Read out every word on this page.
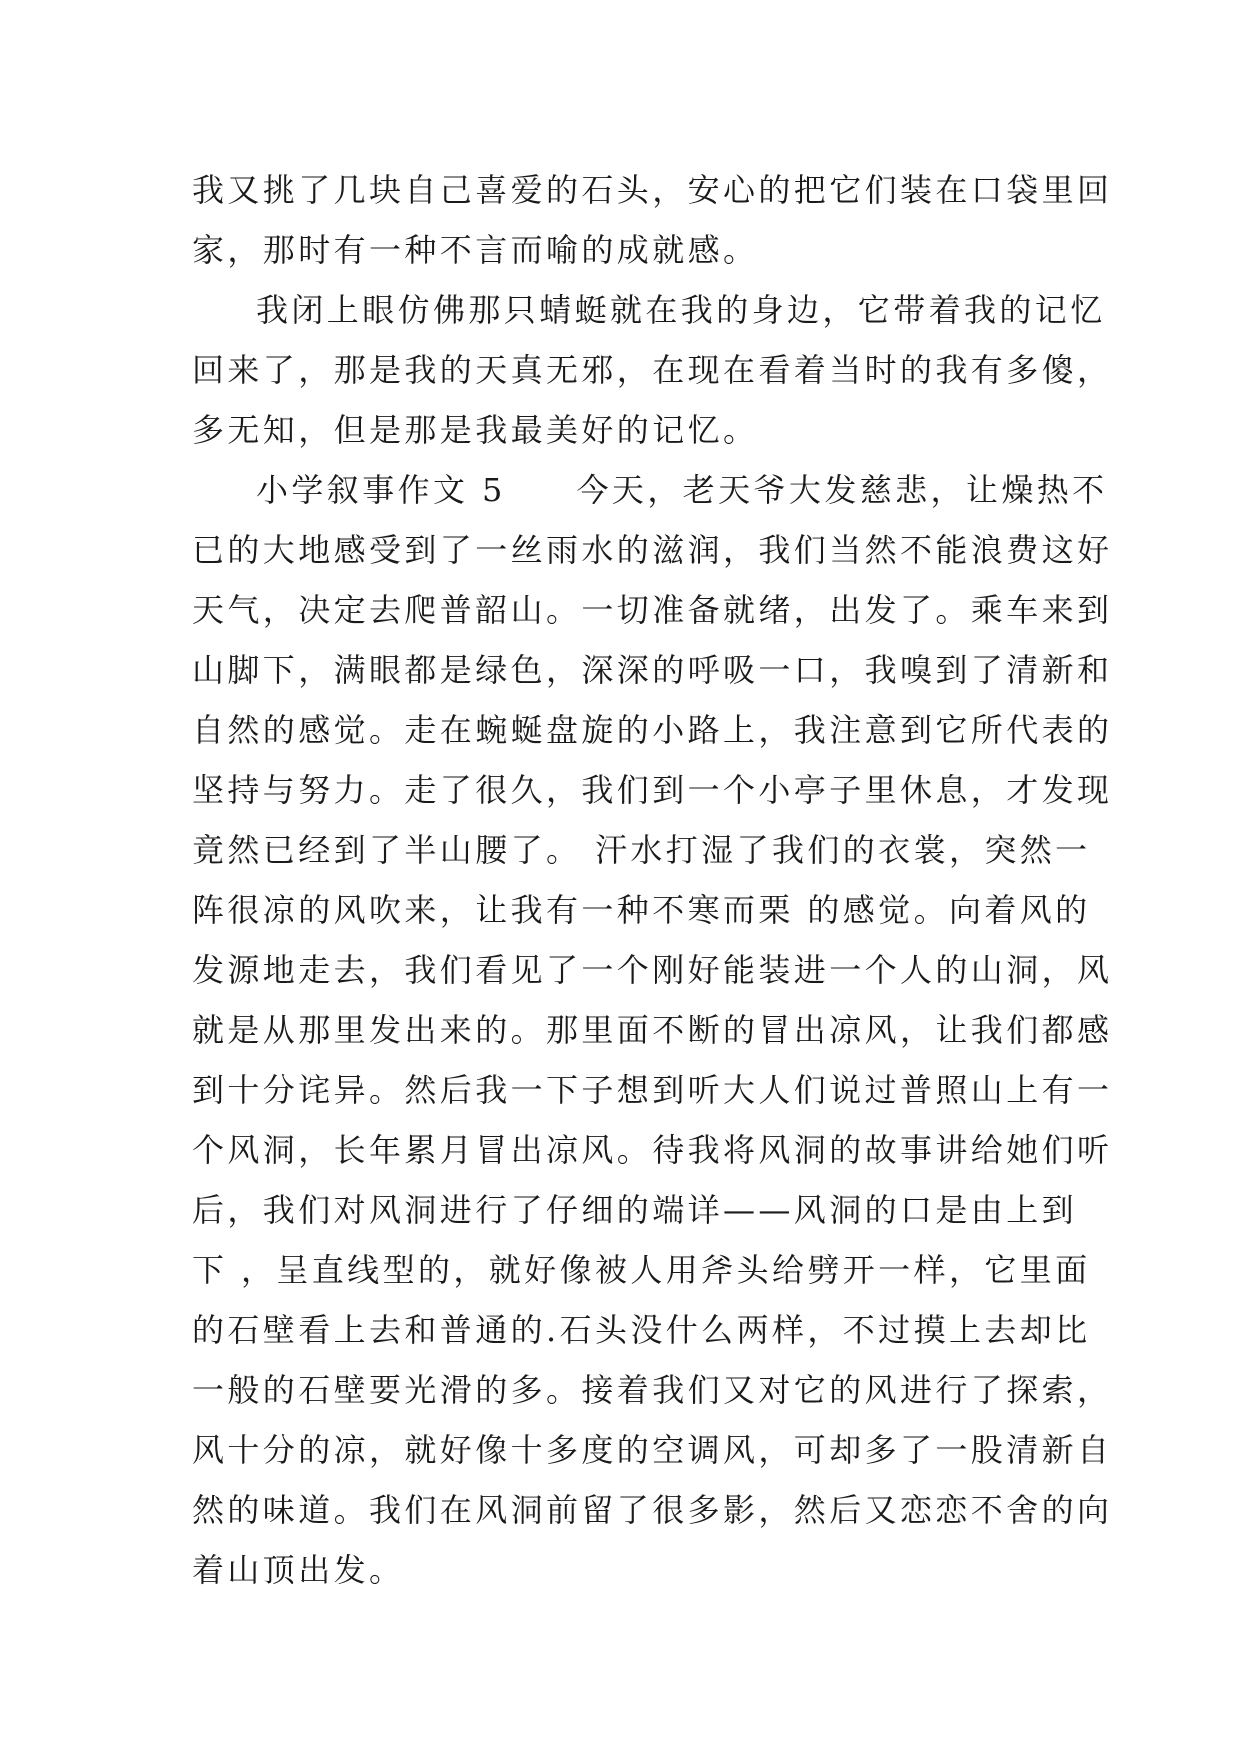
我又挑了几块自己喜爱的石头，安心的把它们装在口袋里回
家，那时有一种不言而喻的成就感。
我闭上眼仿佛那只蜻蜓就在我的身边，它带着我的记忆
回来了，那是我的天真无邪，在现在看着当时的我有多傻，
多无知，但是那是我最美好的记忆。
小学叙事作文 5　　今天，老天爷大发慈悲，让燥热不
已的大地感受到了一丝雨水的滋润，我们当然不能浪费这好
天气，决定去爬普韶山。一切准备就绪，出发了。乘车来到
山脚下，满眼都是绿色，深深的呼吸一口，我嗅到了清新和
自然的感觉。走在蜿蜒盘旋的小路上，我注意到它所代表的
坚持与努力。走了很久，我们到一个小亭子里休息，才发现
竟然已经到了半山腰了。 汗水打湿了我们的衣裳，突然一
阵很凉的风吹来，让我有一种不寒而栗 的感觉。向着风的
发源地走去，我们看见了一个刚好能装进一个人的山洞，风
就是从那里发出来的。那里面不断的冒出凉风，让我们都感
到十分诧异。然后我一下子想到听大人们说过普照山上有一
个风洞，长年累月冒出凉风。待我将风洞的故事讲给她们听
后，我们对风洞进行了仔细的端详——风洞的口是由上到
下 ，呈直线型的，就好像被人用斧头给劈开一样，它里面
的石壁看上去和普通的.石头没什么两样，不过摸上去却比
一般的石壁要光滑的多。接着我们又对它的风进行了探索，
风十分的凉，就好像十多度的空调风，可却多了一股清新自
然的味道。我们在风洞前留了很多影，然后又恋恋不舍的向
着山顶出发。
